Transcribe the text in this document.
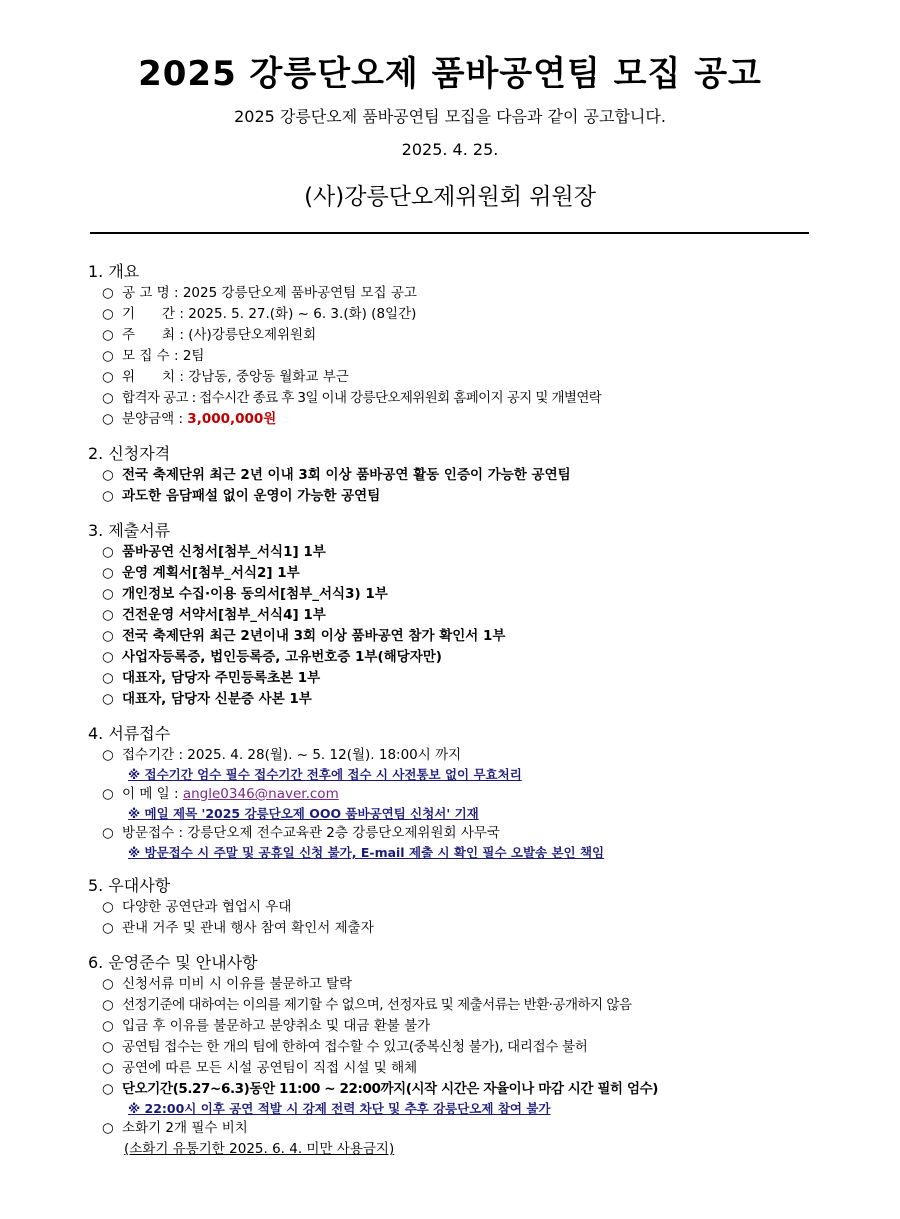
2025 강릉단오제 품바공연팀 모집 공고
2025 강릉단오제 품바공연팀 모집을 다음과 같이 공고합니다.
2025. 4. 25.
(사)강릉단오제위원회 위원장
1. 개요
○ 공 고 명 : 2025 강릉단오제 품바공연팀 모집 공고
○ 기　　간 : 2025. 5. 27.(화) ~ 6. 3.(화) (8일간)
○ 주　　최 : (사)강릉단오제위원회
○ 모 집 수 : 2팀
○ 위　　치 : 강남동, 중앙동 월화교 부근
○ 합격자 공고 : 접수시간 종료 후 3일 이내 강릉단오제위원회 홈페이지 공지 및 개별연락
○ 분양금액 : 3,000,000원
2. 신청자격
○ 전국 축제단위 최근 2년 이내 3회 이상 품바공연 활동 인증이 가능한 공연팀
○ 과도한 음담패설 없이 운영이 가능한 공연팀
3. 제출서류
○ 품바공연 신청서[첨부_서식1] 1부
○ 운영 계획서[첨부_서식2] 1부
○ 개인정보 수집·이용 동의서[첨부_서식3) 1부
○ 건전운영 서약서[첨부_서식4] 1부
○ 전국 축제단위 최근 2년이내 3회 이상 품바공연 참가 확인서 1부
○ 사업자등록증, 법인등록증, 고유번호증 1부(해당자만)
○ 대표자, 담당자 주민등록초본 1부
○ 대표자, 담당자 신분증 사본 1부
4. 서류접수
○ 접수기간 : 2025. 4. 28(월). ~ 5. 12(월). 18:00시 까지
※ 접수기간 엄수 필수 접수기간 전후에 접수 시 사전통보 없이 무효처리
○ 이 메 일 : angle0346@naver.com
※ 메일 제목 '2025 강릉단오제 OOO 품바공연팀 신청서' 기재
○ 방문접수 : 강릉단오제 전수교육관 2층 강릉단오제위원회 사무국
※ 방문접수 시 주말 및 공휴일 신청 불가, E-mail 제출 시 확인 필수 오발송 본인 책임
5. 우대사항
○ 다양한 공연단과 협업시 우대
○ 관내 거주 및 관내 행사 참여 확인서 제출자
6. 운영준수 및 안내사항
○ 신청서류 미비 시 이유를 불문하고 탈락
○ 선정기준에 대하여는 이의를 제기할 수 없으며, 선정자료 및 제출서류는 반환·공개하지 않음
○ 입금 후 이유를 불문하고 분양취소 및 대금 환불 불가
○ 공연팀 접수는 한 개의 팀에 한하여 접수할 수 있고(중복신청 불가), 대리접수 불허
○ 공연에 따른 모든 시설 공연팀이 직접 시설 및 해체
○ 단오기간(5.27~6.3)동안 11:00 ~ 22:00까지(시작 시간은 자율이나 마감 시간 필히 엄수)
※ 22:00시 이후 공연 적발 시 강제 전력 차단 및 추후 강릉단오제 참여 불가
○ 소화기 2개 필수 비치
(소화기 유통기한 2025. 6. 4. 미만 사용금지)
